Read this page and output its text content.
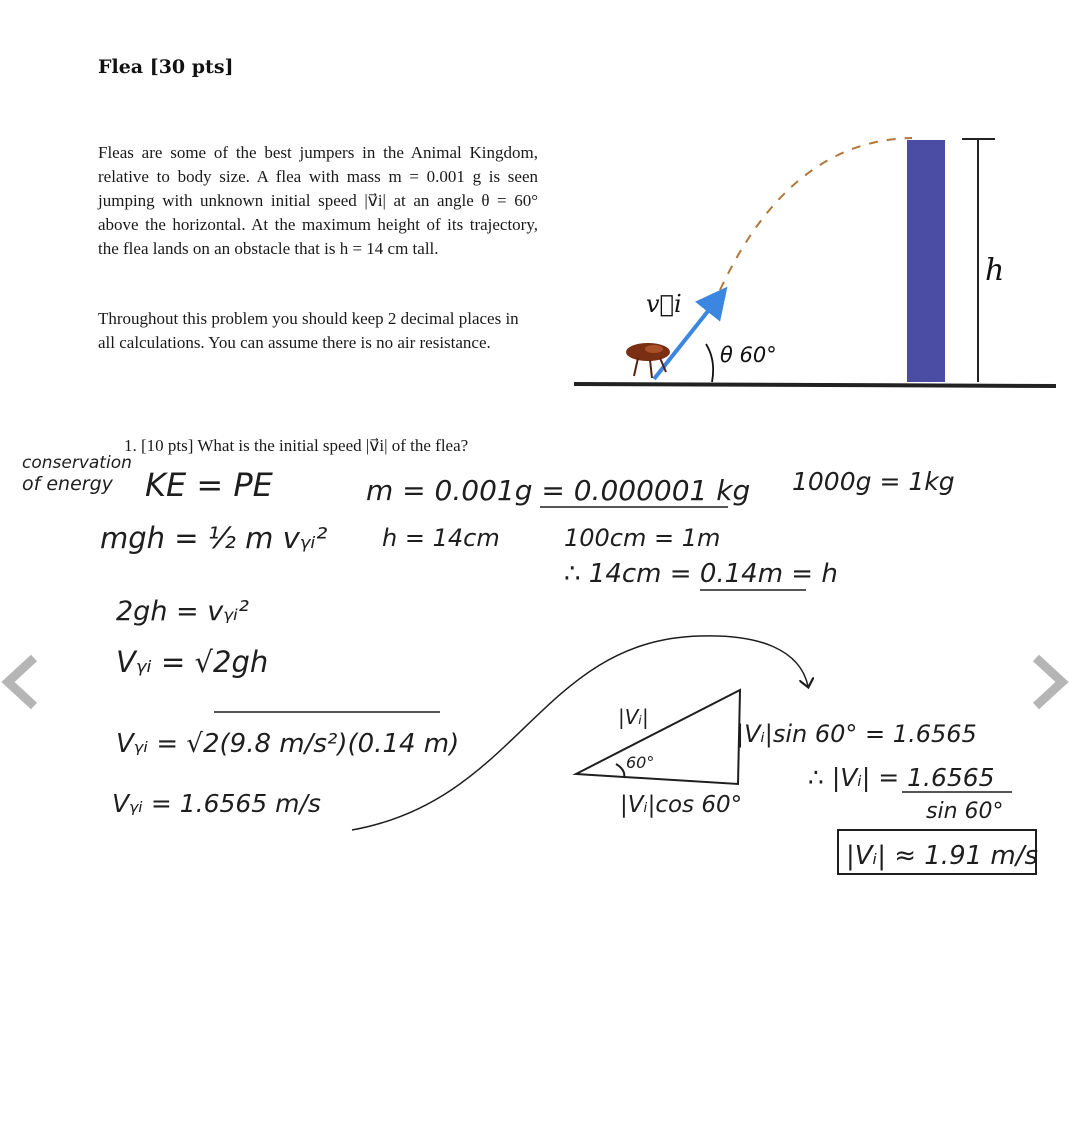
Flea [30 pts]
Fleas are some of the best jumpers in the Animal Kingdom, relative to body size. A flea with mass m = 0.001 g is seen jumping with unknown initial speed |v⃗i| at an angle θ = 60° above the horizontal. At the maximum height of its trajectory, the flea lands on an obstacle that is h = 14 cm tall.
Throughout this problem you should keep 2 decimal places in all calculations. You can assume there is no air resistance.
1. [10 pts] What is the initial speed |v⃗i| of the flea?
h
v⃗i
θ 60°
conservation
of energy KE = PE
mgh = ½ m vᵧᵢ²
2gh = vᵧᵢ²
Vᵧᵢ = √2gh
Vᵧᵢ = √2(9.8 m/s²)(0.14 m)
Vᵧᵢ = 1.6565 m/s
m = 0.001g = 0.000001 kg 1000g = 1kg
h = 14cm	100cm = 1m
∴ 14cm = 0.14m = h
|Vᵢ|
60°
|Vᵢ|cos 60°
|Vᵢ|sin 60° = 1.6565
∴ |Vᵢ| = 1.6565
sin 60°
|Vᵢ| ≈ 1.91 m/s
